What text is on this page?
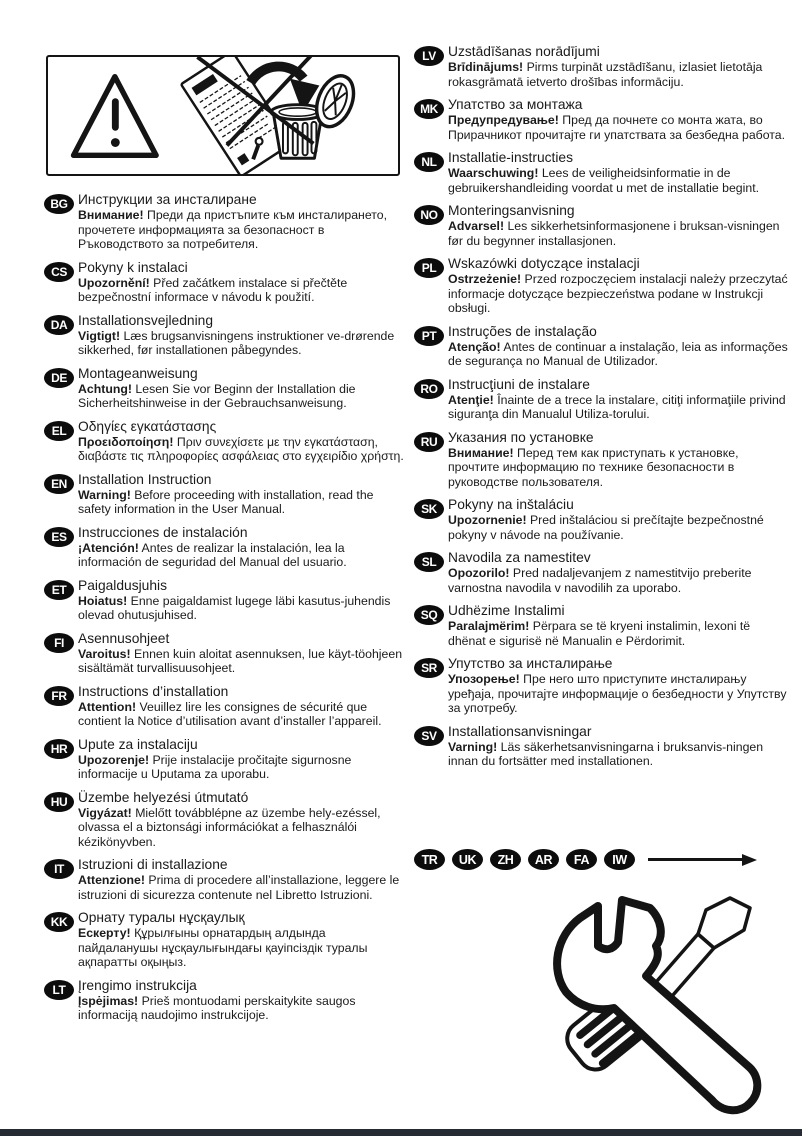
BG Инструкции за инсталиране
Внимание! Преди да пристъпите към инсталирането, прочетете информацията за безопасност в Ръководството за потребителя.
CS Pokyny k instalaci
Upozornění! Před začátkem instalace si přečtěte bezpečnostní informace v návodu k použití.
DA Installationsvejledning
Vigtigt! Læs brugsanvisningens instruktioner ve-drørende sikkerhed, før installationen påbegyndes.
DE Montageanweisung
Achtung! Lesen Sie vor Beginn der Installation die Sicherheitshinweise in der Gebrauchsanweisung.
EL Οδηγίες εγκατάστασης
Προειδοποίηση! Πριν συνεχίσετε με την εγκατάσταση, διαβάστε τις πληροφορίες ασφάλειας στο εγχειρίδιο χρήστη.
EN Installation Instruction
Warning! Before proceeding with installation, read the safety information in the User Manual.
ES Instrucciones de instalación
¡Atención! Antes de realizar la instalación, lea la información de seguridad del Manual del usuario.
ET Paigaldusjuhis
Hoiatus! Enne paigaldamist lugege läbi kasutus-juhendis olevad ohutusjuhised.
FI	Asennusohjeet
Varoitus! Ennen kuin aloitat asennuksen, lue käyt-töohjeen sisältämät turvallisuusohjeet.
FR Instructions d’installation
Attention! Veuillez lire les consignes de sécurité que contient la Notice d’utilisation avant d’installer l’appareil.
HR Upute za instalaciju
Upozorenje! Prije instalacije pročitajte sigurnosne informacije u Uputama za uporabu.
HU Üzembe helyezési útmutató
Vigyázat! Mielőtt továbblépne az üzembe hely-ezéssel, olvassa el a biztonsági információkat a felhasználói kézikönyvben.
IT	Istruzioni di installazione
Attenzione! Prima di procedere all’installazione, leggere le istruzioni di sicurezza contenute nel Libretto Istruzioni.
KK Орнату туралы нұсқаулық
Ескерту! Құрылғыны орнатардың алдында пайдаланушы нұсқаулығындағы қауіпсіздік туралы ақпаратты оқыңыз.
LT Įrengimo instrukcija
Įspėjimas! Prieš montuodami perskaitykite saugos informaciją naudojimo instrukcijoje.
LV Uzstādīšanas norādījumi
Brīdinājums! Pirms turpināt uzstādīšanu, izlasiet lietotāja rokasgrāmatā ietverto drošības informāciju.
MK Упатство за монтажа
Предупредување! Пред да почнете со монта жата, во Прирачникот прочитајте ги упатствата за безбедна работа.
NL Installatie-instructies
Waarschuwing! Lees de veiligheidsinformatie in de gebruikershandleiding voordat u met de installatie begint.
NO Monteringsanvisning
Advarsel! Les sikkerhetsinformasjonene i bruksan-visningen før du begynner installasjonen.
PL Wskazówki dotyczące instalacji
Ostrzeżenie! Przed rozpoczęciem instalacji należy przeczytać informacje dotyczące bezpieczeństwa podane w Instrukcji obsługi.
PT Instruções de instalação
Atenção! Antes de continuar a instalação, leia as informações de segurança no Manual de Utilizador.
RO Instrucţiuni de instalare
Atenţie! Înainte de a trece la instalare, citiţi informaţiile privind siguranţa din Manualul Utiliza-torului.
RU Указания по установке
Внимание! Перед тем как приступать к установке, прочтите информацию по технике безопасности в руководстве пользователя.
SK Pokyny na inštaláciu
Upozornenie! Pred inštaláciou si prečítajte bezpečnostné pokyny v návode na používanie.
SL Navodila za namestitev
Opozorilo! Pred nadaljevanjem z namestitvijo preberite varnostna navodila v navodilih za uporabo.
SQ Udhëzime Instalimi
Paralajmërim! Përpara se të kryeni instalimin, lexoni të dhënat e sigurisë në Manualin e Përdorimit.
SR Упутство за инсталирање
Упозорење! Пре него што приступите инсталирању уређаја, прочитајте информације о безбедности у Упутству за употребу.
SV Installationsanvisningar
Varning! Läs säkerhetsanvisningarna i bruksanvis-ningen innan du fortsätter med installationen.
TR	UK	ZH	AR	FA	IW
